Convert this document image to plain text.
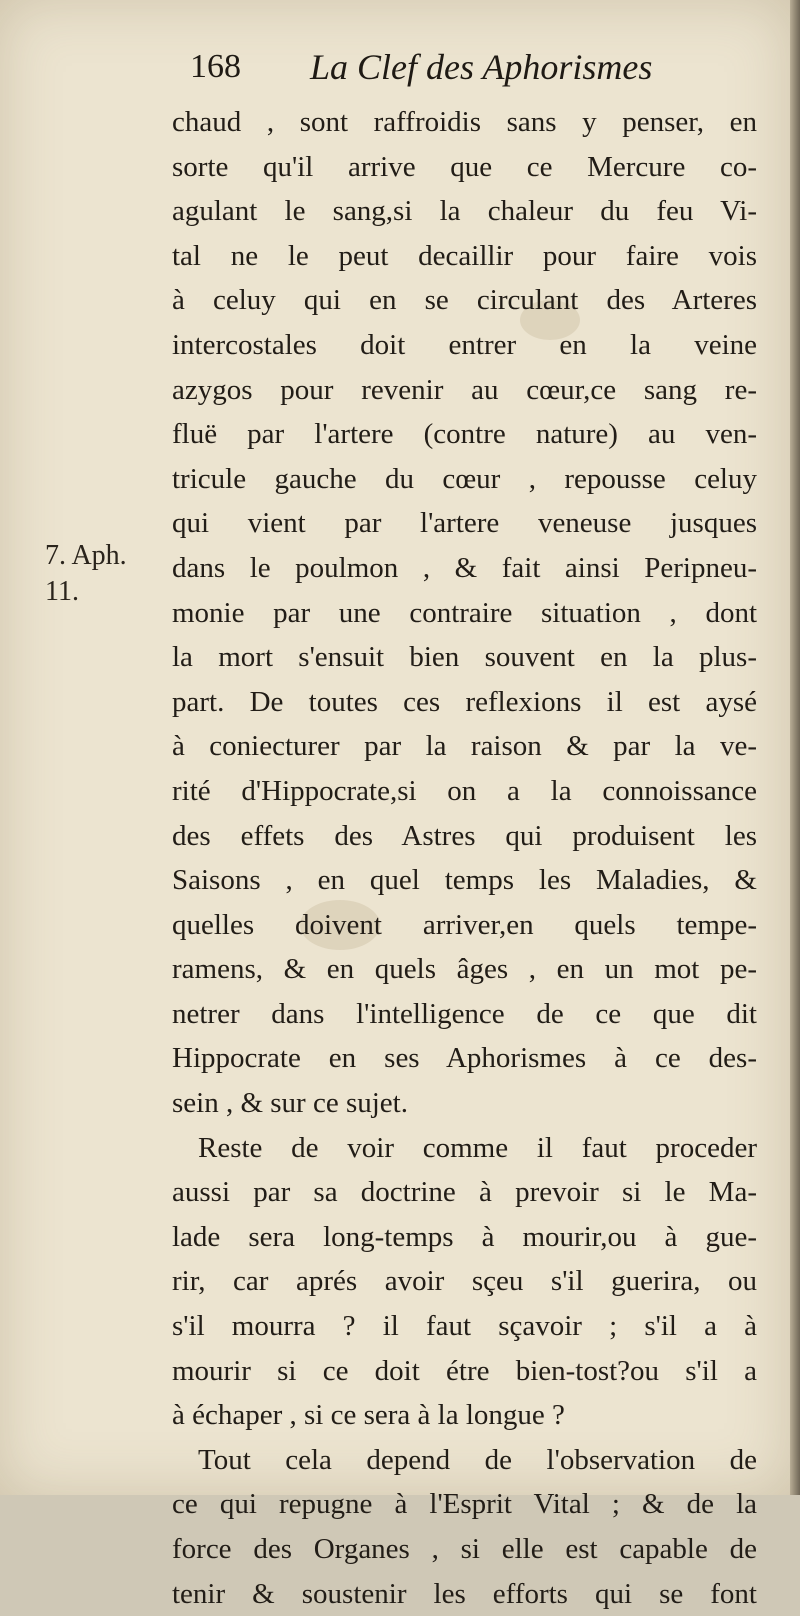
168 La Clef des Aphorismes
7. Aph.
11.
chaud , sont raffroidis sans y penser, en
sorte qu'il arrive que ce Mercure co-
agulant le sang,si la chaleur du feu Vi-
tal ne le peut decaillir pour faire vois
à celuy qui en se circulant des Arteres
intercostales doit entrer en la veine
azygos pour revenir au cœur,ce sang re-
fluë par l'artere (contre nature) au ven-
tricule gauche du cœur , repousse celuy
qui vient par l'artere veneuse jusques
dans le poulmon , & fait ainsi Peripneu-
monie par une contraire situation , dont
la mort s'ensuit bien souvent en la plus-
part. De toutes ces reflexions il est aysé
à coniecturer par la raison & par la ve-
rité d'Hippocrate,si on a la connoissance
des effets des Astres qui produisent les
Saisons , en quel temps les Maladies, &
quelles doivent arriver,en quels tempe-
ramens, & en quels âges , en un mot pe-
netrer dans l'intelligence de ce que dit
Hippocrate en ses Aphorismes à ce des-
sein , & sur ce sujet.
Reste de voir comme il faut proceder
aussi par sa doctrine à prevoir si le Ma-
lade sera long-temps à mourir,ou à gue-
rir, car aprés avoir sçeu s'il guerira, ou
s'il mourra ? il faut sçavoir ; s'il a à
mourir si ce doit étre bien-tost?ou s'il a
à échaper , si ce sera à la longue ?
Tout cela depend de l'observation de
ce qui repugne à l'Esprit Vital ; & de la
force des Organes , si elle est capable de
tenir & soustenir les efforts qui se font
